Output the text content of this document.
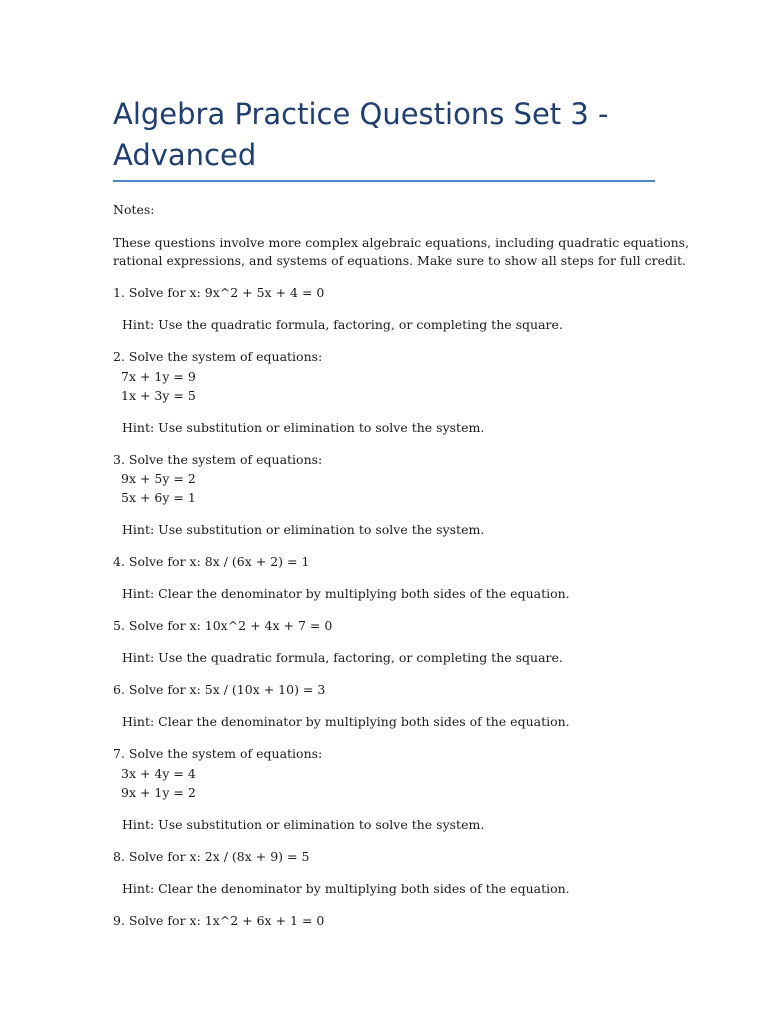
Algebra Practice Questions Set 3 - Advanced

Notes:

These questions involve more complex algebraic equations, including quadratic equations,

rational expressions, and systems of equations. Make sure to show all steps for full credit.

1. Solve for x: 9x^2 + 5x + 4 = 0

Hint: Use the quadratic formula, factoring, or completing the square.

2. Solve the system of equations:

7x + 1y = 9

1x + 3y = 5

Hint: Use substitution or elimination to solve the system.

3. Solve the system of equations:

9x + 5y = 2

5x + 6y = 1

Hint: Use substitution or elimination to solve the system.

4. Solve for x: 8x / (6x + 2) = 1

Hint: Clear the denominator by multiplying both sides of the equation.

5. Solve for x: 10x^2 + 4x + 7 = 0

Hint: Use the quadratic formula, factoring, or completing the square.

6. Solve for x: 5x / (10x + 10) = 3

Hint: Clear the denominator by multiplying both sides of the equation.

7. Solve the system of equations:

3x + 4y = 4

9x + 1y = 2

Hint: Use substitution or elimination to solve the system.

8. Solve for x: 2x / (8x + 9) = 5

Hint: Clear the denominator by multiplying both sides of the equation.

9. Solve for x: 1x^2 + 6x + 1 = 0
